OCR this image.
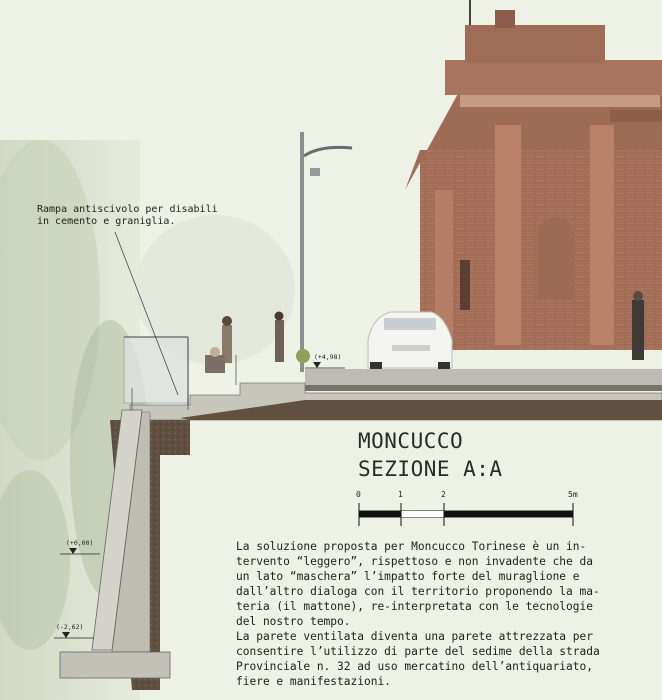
Rampa antiscivolo per disabili
in cemento e graniglia.
(+4,98)
(+0,00)
(-2,62)
MONCUCCO
SEZIONE A:A
0	1	2	5m

La soluzione proposta per Moncucco Torinese è un in-
tervento “leggero”, rispettoso e non invadente che da
un lato “maschera” l’impatto forte del muraglione e
dall’altro dialoga con il territorio proponendo la ma-
teria (il mattone), re-interpretata con le tecnologie
del nostro tempo.

La parete ventilata diventa una parete attrezzata per
consentire l’utilizzo di parte del sedime della strada
Provinciale n. 32 ad uso mercatino dell’antiquariato,
fiere e manifestazioni.
